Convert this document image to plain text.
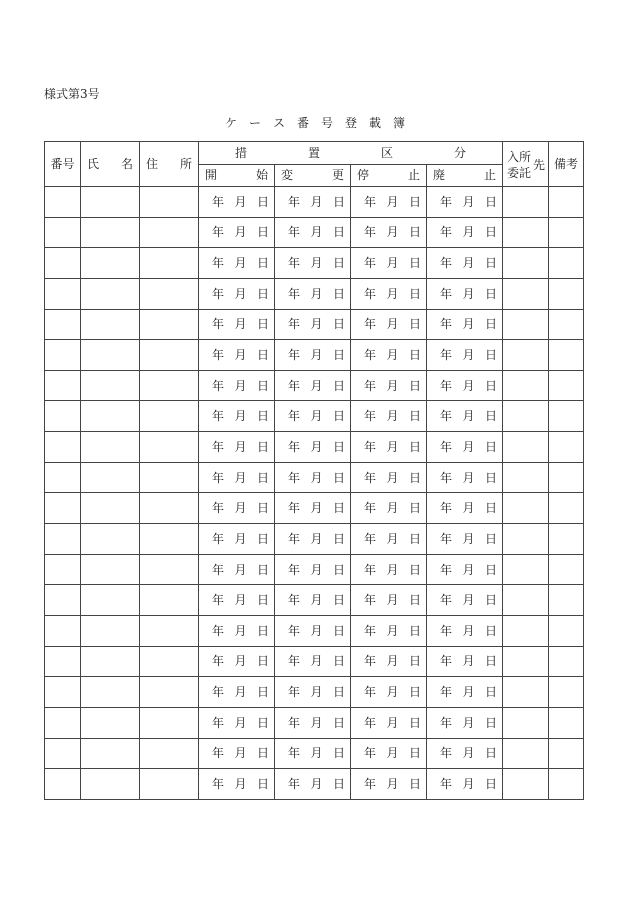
様式第3号
ケ ー ス 番 号 登 載 簿
番号	氏 名	住 所	措 置 区 分				入所
委託
先	備考

			開 始	変 更	停 止	廃 止		

			年 月 日	年 月 日	年 月 日	年 月 日		

			年 月 日	年 月 日	年 月 日	年 月 日		

			年 月 日	年 月 日	年 月 日	年 月 日		

			年 月 日	年 月 日	年 月 日	年 月 日		

			年 月 日	年 月 日	年 月 日	年 月 日		

			年 月 日	年 月 日	年 月 日	年 月 日		

			年 月 日	年 月 日	年 月 日	年 月 日		

			年 月 日	年 月 日	年 月 日	年 月 日		

			年 月 日	年 月 日	年 月 日	年 月 日		

			年 月 日	年 月 日	年 月 日	年 月 日		

			年 月 日	年 月 日	年 月 日	年 月 日		

			年 月 日	年 月 日	年 月 日	年 月 日		

			年 月 日	年 月 日	年 月 日	年 月 日		

			年 月 日	年 月 日	年 月 日	年 月 日		

			年 月 日	年 月 日	年 月 日	年 月 日		

			年 月 日	年 月 日	年 月 日	年 月 日		

			年 月 日	年 月 日	年 月 日	年 月 日		

			年 月 日	年 月 日	年 月 日	年 月 日		

			年 月 日	年 月 日	年 月 日	年 月 日		

			年 月 日	年 月 日	年 月 日	年 月 日		
